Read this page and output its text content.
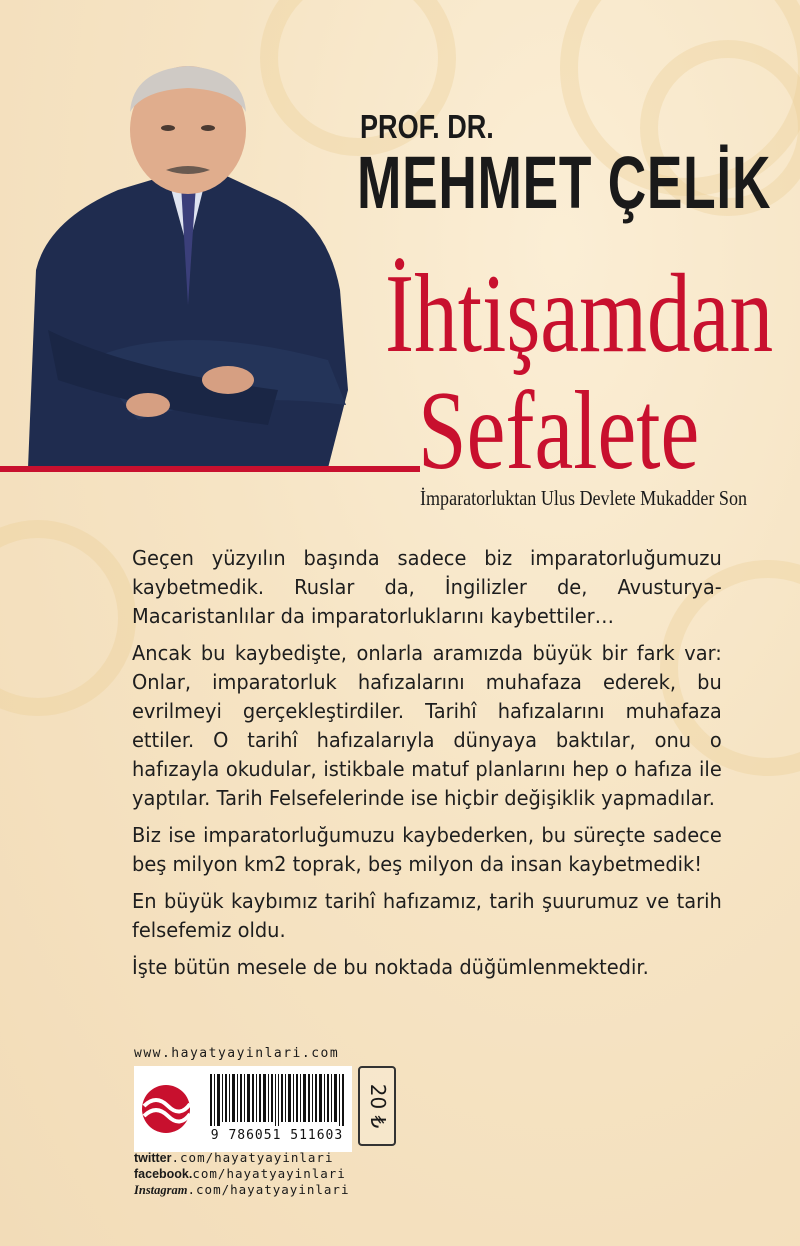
PROF. DR.
MEHMET ÇELİK
İhtişamdan
Sefalete
İmparatorluktan Ulus Devlete Mukadder Son

Geçen yüzyılın başında sadece biz imparatorluğumuzu kaybetmedik. Ruslar da, İngilizler de, Avusturya-Macaristanlılar da imparatorluklarını kaybettiler…

Ancak bu kaybedişte, onlarla aramızda büyük bir fark var: Onlar, imparatorluk hafızalarını muhafaza ederek, bu evrilmeyi gerçekleştirdiler. Tarihî hafızalarını muhafaza ettiler. O tarihî hafızalarıyla dünyaya baktılar, onu o hafızayla okudular, istikbale matuf planlarını hep o hafıza ile yaptılar. Tarih Felsefelerinde ise hiçbir değişiklik yapmadılar.

Biz ise imparatorluğumuzu kaybederken, bu süreçte sadece beş milyon km2 toprak, beş milyon da insan kaybetmedik!

En büyük kaybımız tarihî hafızamız, tarih şuurumuz ve tarih felsefemiz oldu.

İşte bütün mesele de bu noktada düğümlenmektedir.

www.hayatyayinlari.com
9 786051 511603
20 ₺
twitter.com/hayatyayinlari
facebook.com/hayatyayinlari
Instagram.com/hayatyayinlari
